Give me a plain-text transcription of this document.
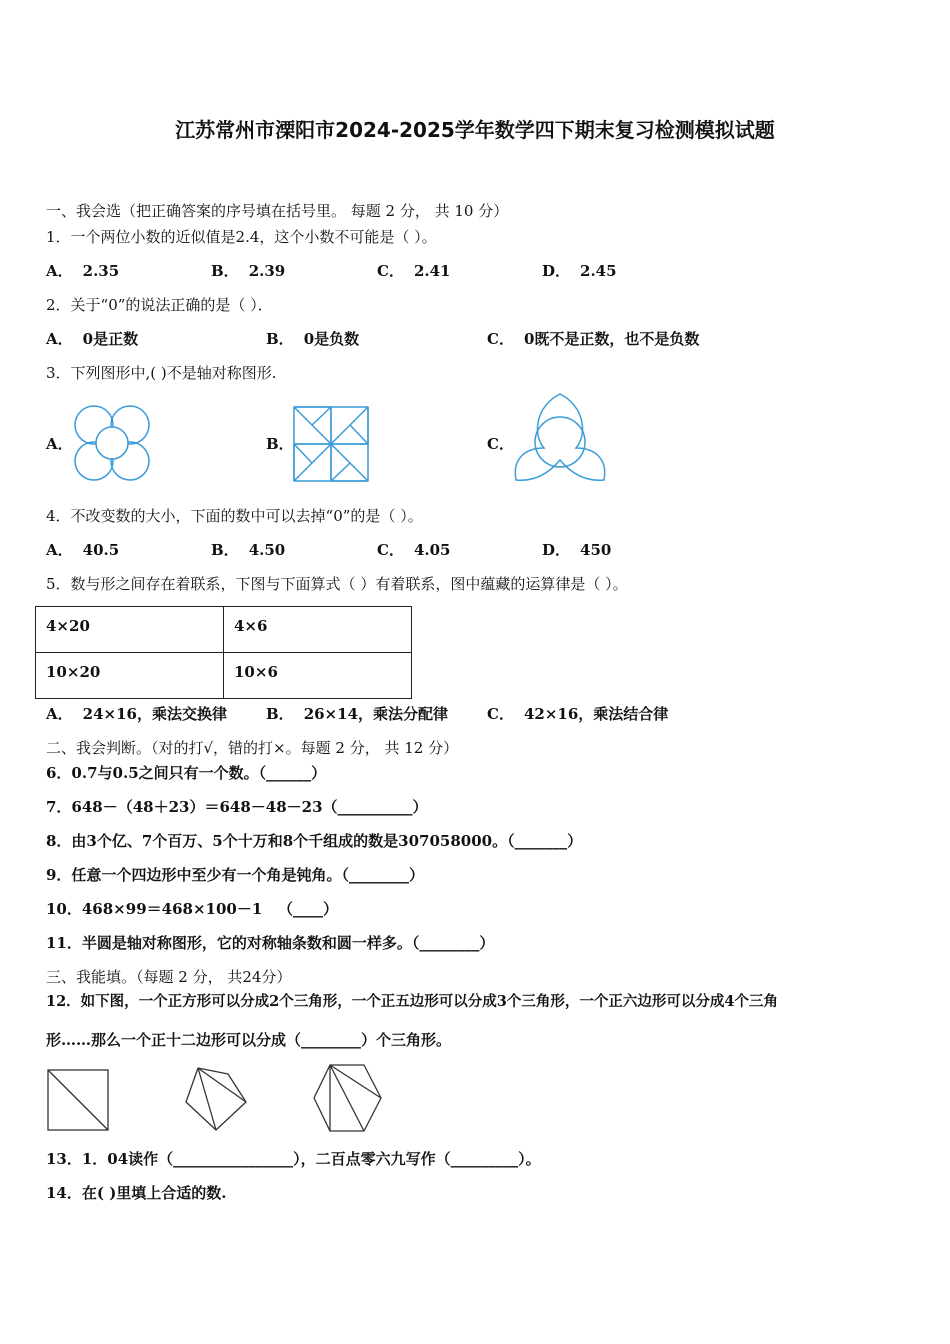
江苏常州市溧阳市2024-2025学年数学四下期末复习检测模拟试题
一、我会选（把正确答案的序号填在括号里。 每题 2 分， 共 10 分）
1．一个两位小数的近似值是2.4，这个小数不可能是（ ）。
A． 2.35	B． 2.39	C． 2.41	D． 2.45
2．关于“0”的说法正确的是（ ）．
A． 0是正数	B． 0是负数	C． 0既不是正数，也不是负数
3．下列图形中,( )不是轴对称图形.
A．	B．	C．
4．不改变数的大小，下面的数中可以去掉“0”的是（ ）。
A． 40.5	B． 4.50	C． 4.05	D． 450
5．数与形之间存在着联系，下图与下面算式（ ）有着联系，图中蕴藏的运算律是（ ）。
4×20	4×6
10×20	10×6
A． 24×16，乘法交换律	B． 26×14，乘法分配律	C． 42×16，乘法结合律
二、我会判断。（对的打√，错的打×。每题 2 分， 共 12 分）
6．0.7与0.5之间只有一个数。（______）
7．648－（48＋23）＝648－48－23（__________）
8．由3个亿、7个百万、5个十万和8个千组成的数是307058000。（_______）
9．任意一个四边形中至少有一个角是钝角。（________）
10．468×99＝468×100－1 （____）
11．半圆是轴对称图形，它的对称轴条数和圆一样多。（________）
三、我能填。（每题 2 分， 共24分）
12．如下图，一个正方形可以分成2个三角形，一个正五边形可以分成3个三角形，一个正六边形可以分成4个三角
形……那么一个正十二边形可以分成（________）个三角形。
13．1．04读作（________________），二百点零六九写作（_________）。
14．在( )里填上合适的数.
